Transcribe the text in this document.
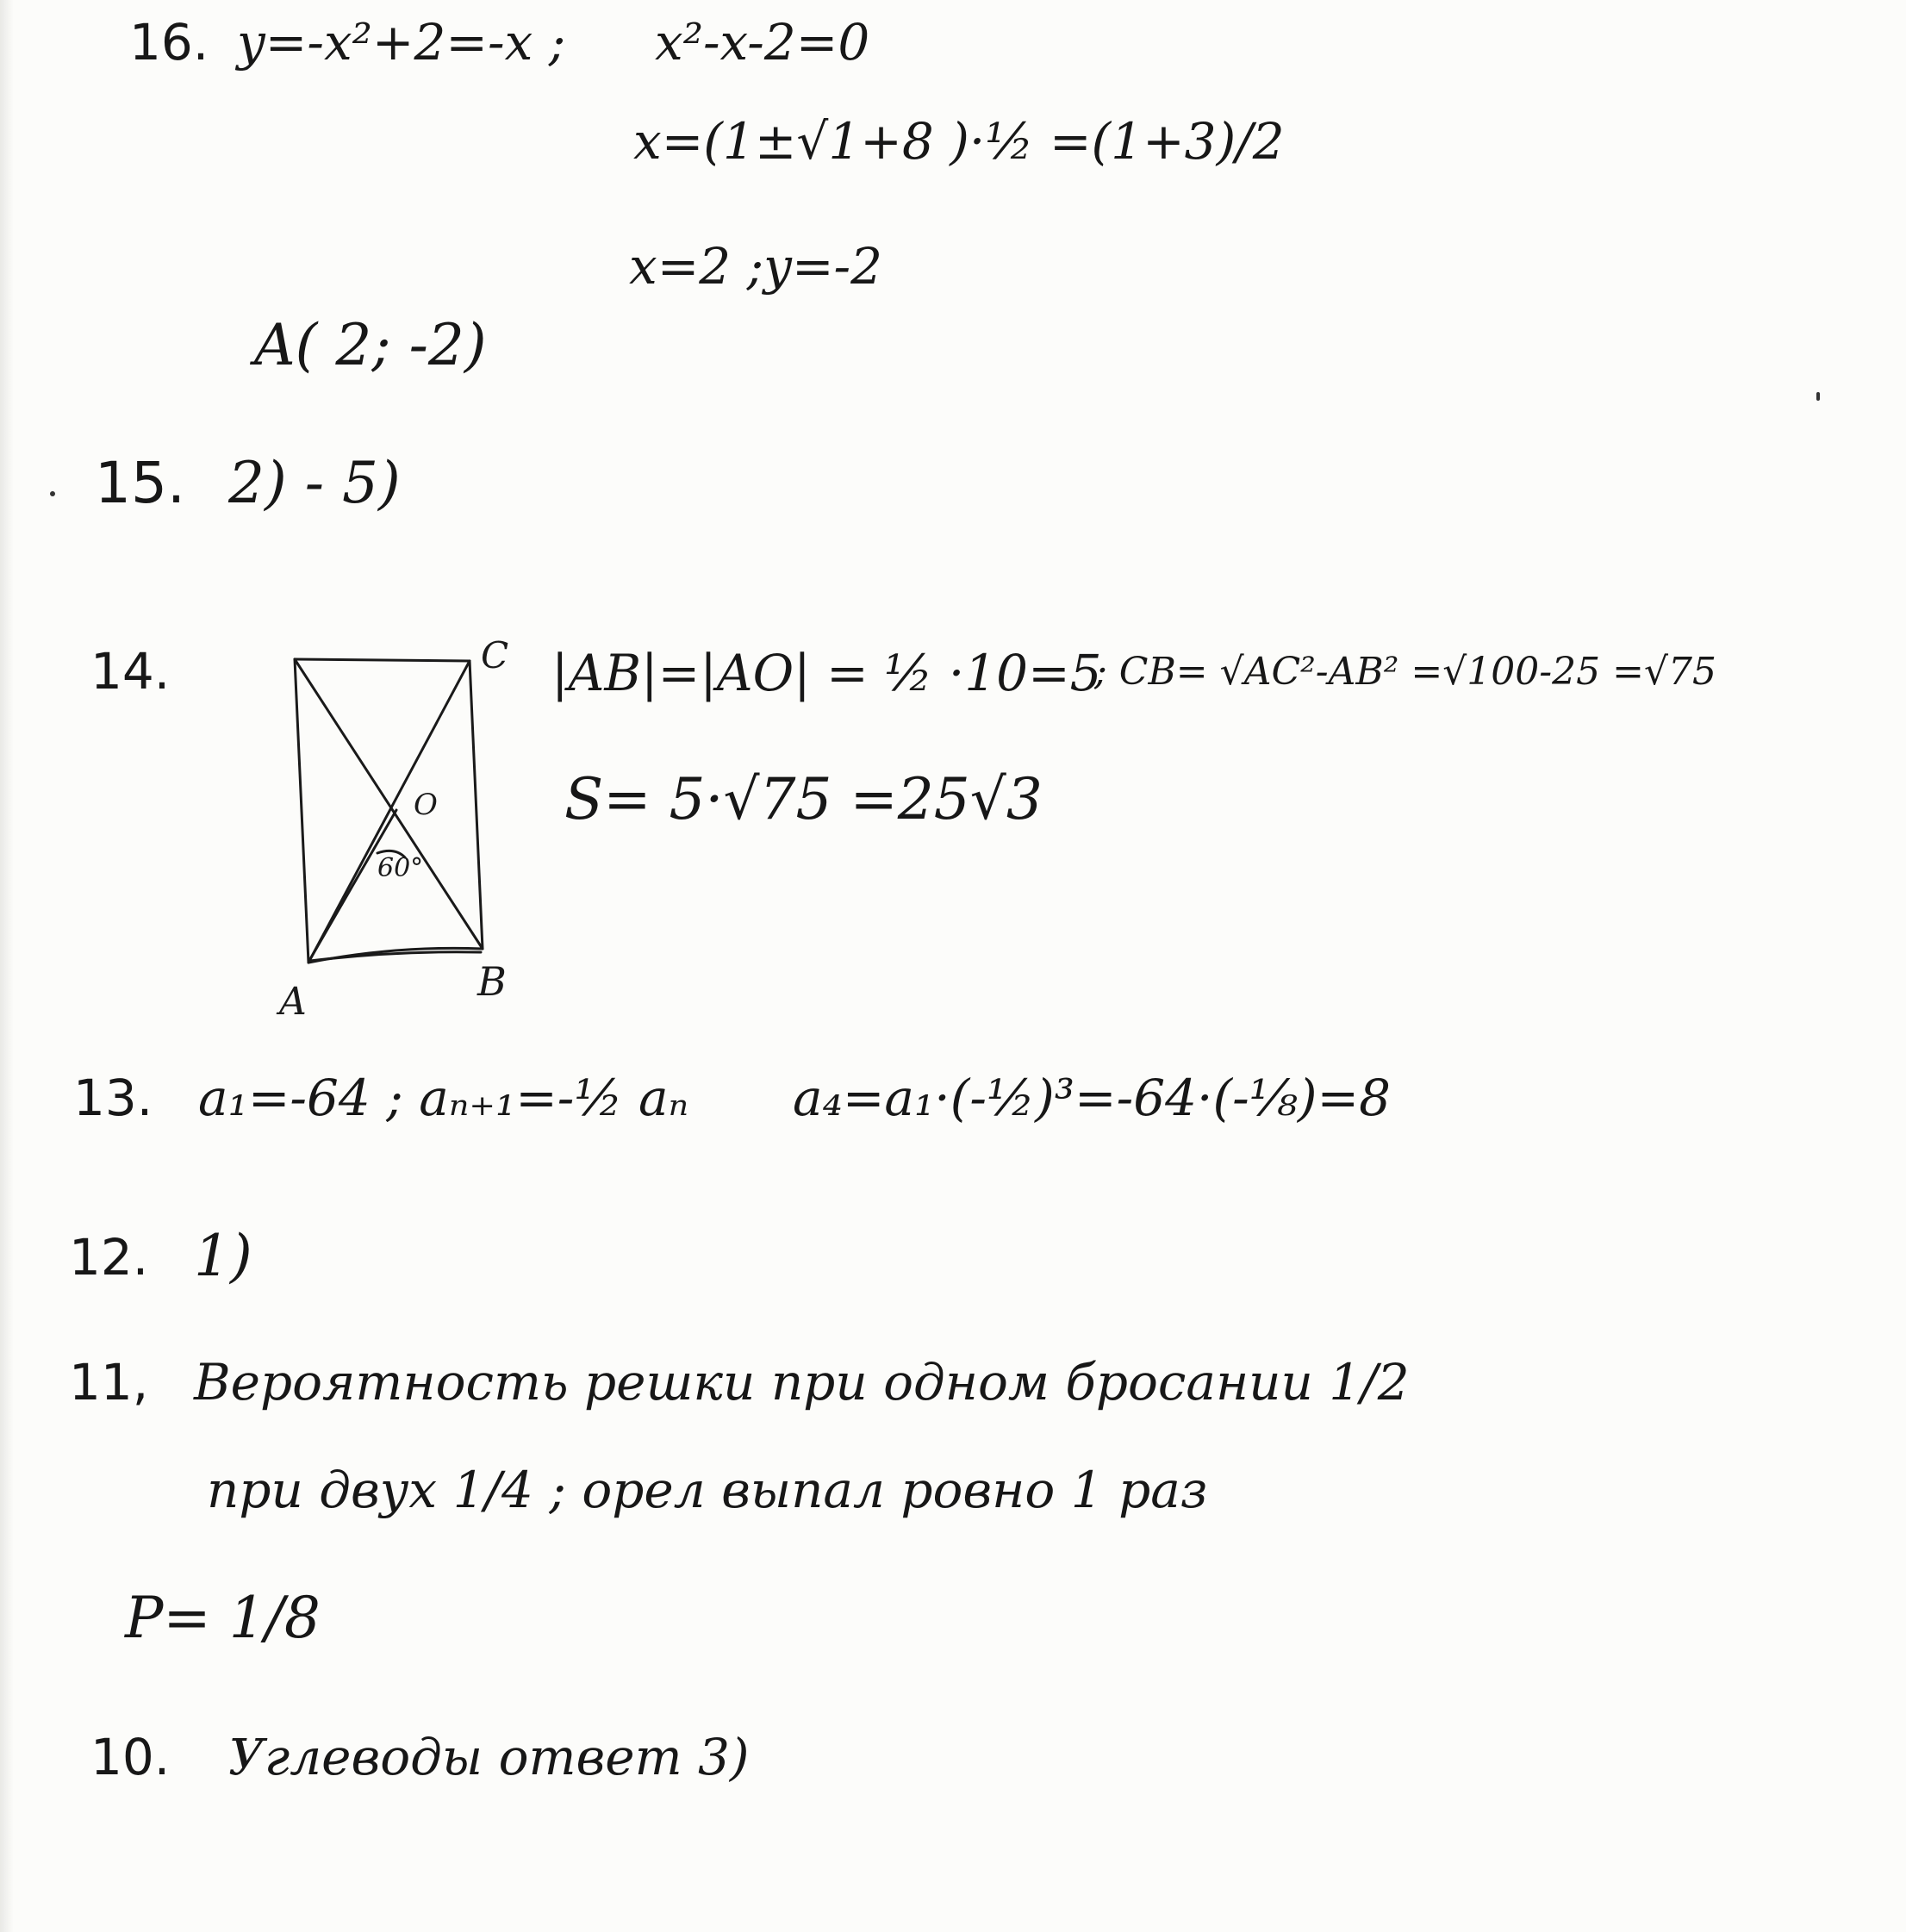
16. y=-x²+2=-x ; x²-x-2=0
x=(1±√1+8 )·½ =(1+3)/2
x=2 ;y=-2
A( 2; -2)
15. 2) - 5)
14.	C
O
60°
A	B
|AB|=|AO| = ½ ·10=5
; CB= √AC²-AB² =√100-25 =√75
S= 5·√75 =25√3
13. a₁=-64 ; aₙ₊₁=-½ aₙ a₄=a₁·(-½)³=-64·(-⅛)=8
12. 1)
11, Вероятность решки при одном бросании 1/2
при двух 1/4 ; орел выпал ровно 1 раз
P= 1/8
10. Углеводы ответ 3)
